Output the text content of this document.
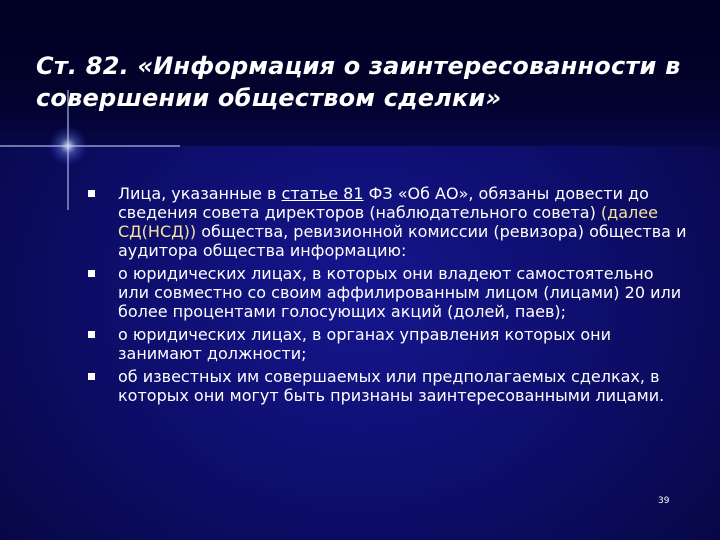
Ст. 82. «Информация о заинтересованности в совершении обществом сделки»
Лица, указанные в статье 81 ФЗ «Об АО», обязаны довести до сведения совета директоров (наблюдательного совета) (далее СД(НСД)) общества, ревизионной комиссии (ревизора) общества и аудитора общества информацию:
о юридических лицах, в которых они владеют самостоятельно или совместно со своим аффилированным лицом (лицами) 20 или более процентами голосующих акций (долей, паев);
о юридических лицах, в органах управления которых они занимают должности;
об известных им совершаемых или предполагаемых сделках, в которых они могут быть признаны заинтересованными лицами.
39
